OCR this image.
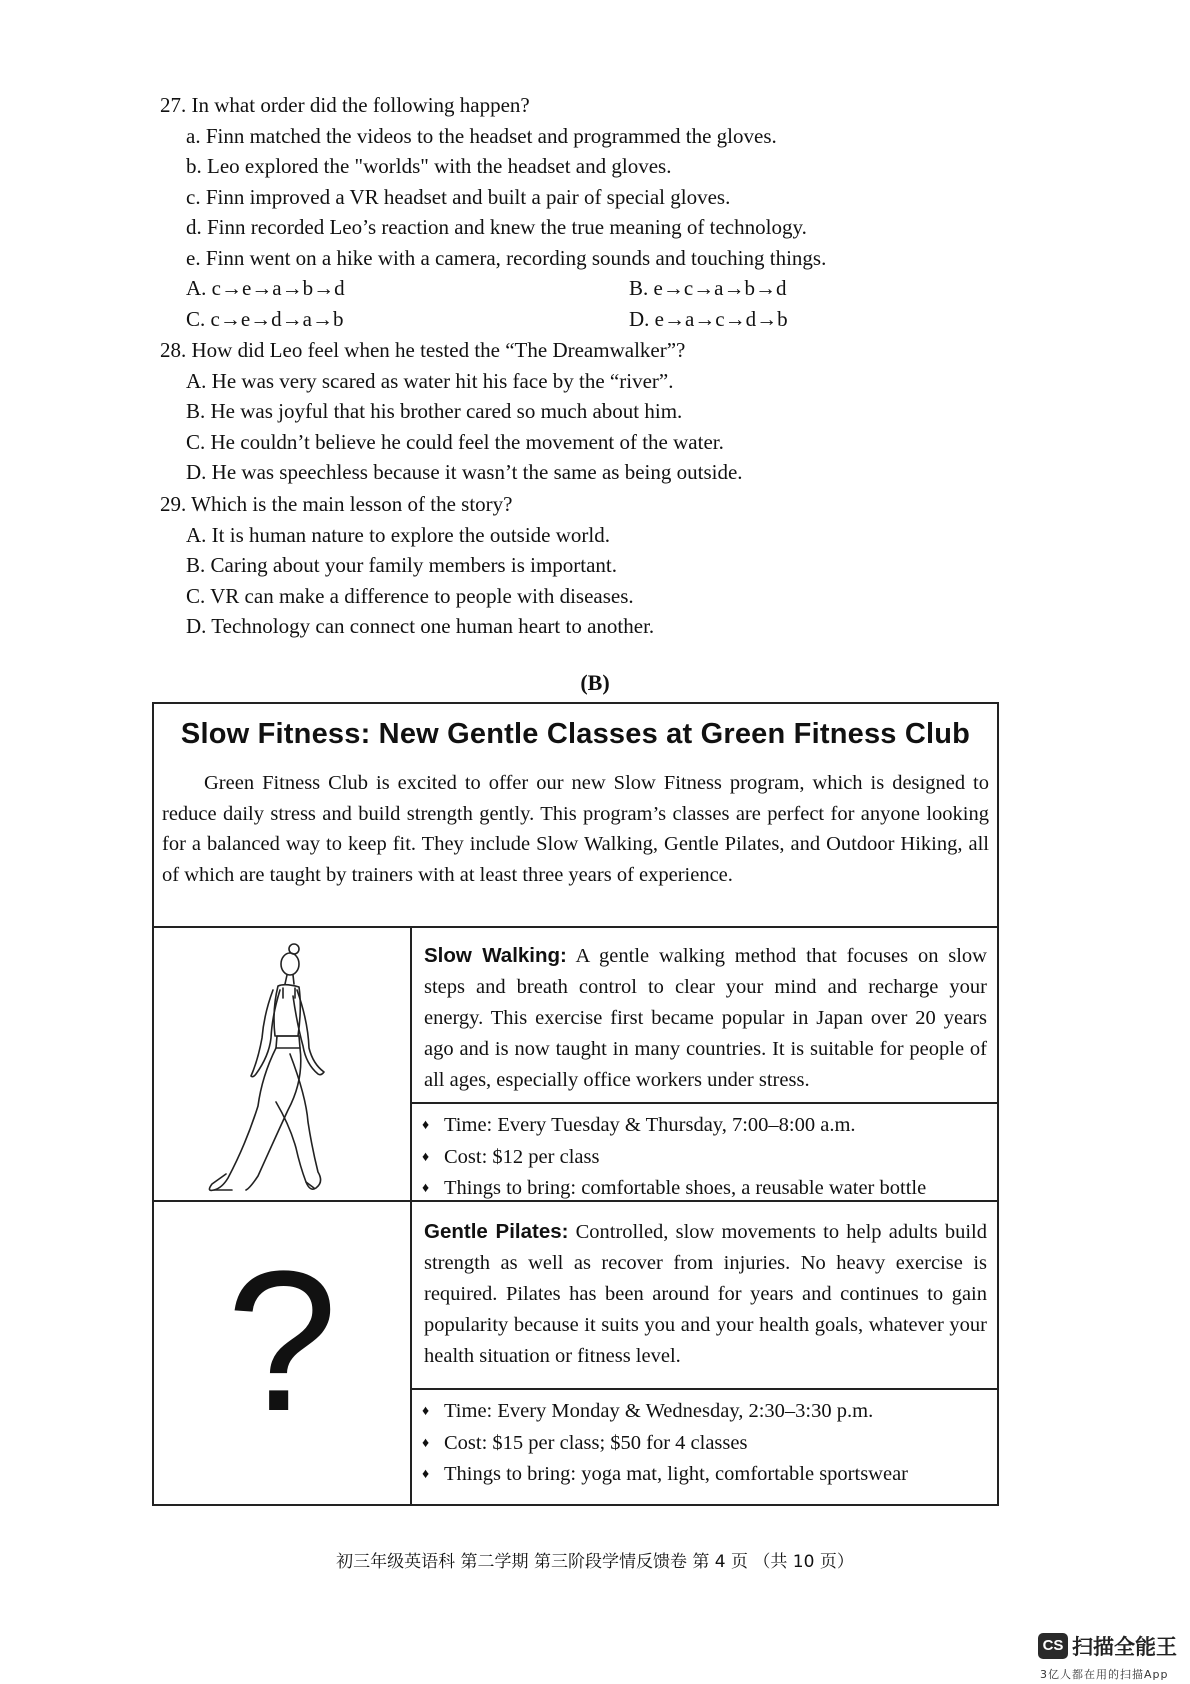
27. In what order did the following happen?
a. Finn matched the videos to the headset and programmed the gloves.
b. Leo explored the "worlds" with the headset and gloves.
c. Finn improved a VR headset and built a pair of special gloves.
d. Finn recorded Leo’s reaction and knew the true meaning of technology.
e. Finn went on a hike with a camera, recording sounds and touching things.
A. c→e→a→b→d	B. e→c→a→b→d
C. c→e→d→a→b	D. e→a→c→d→b
28. How did Leo feel when he tested the “The Dreamwalker”?
A. He was very scared as water hit his face by the “river”.
B. He was joyful that his brother cared so much about him.
C. He couldn’t believe he could feel the movement of the water.
D. He was speechless because it wasn’t the same as being outside.
29. Which is the main lesson of the story?
A. It is human nature to explore the outside world.
B. Caring about your family members is important.
C. VR can make a difference to people with diseases.
D. Technology can connect one human heart to another.
(B)
Slow Fitness: New Gentle Classes at Green Fitness Club
Green Fitness Club is excited to offer our new Slow Fitness program, which is designed to reduce daily stress and build strength gently. This program’s classes are perfect for anyone looking for a balanced way to keep fit. They include Slow Walking, Gentle Pilates, and Outdoor Hiking, all of which are taught by trainers with at least three years of experience.
Slow Walking: A gentle walking method that focuses on slow steps and breath control to clear your mind and recharge your energy. This exercise first became popular in Japan over 20 years ago and is now taught in many countries. It is suitable for people of all ages, especially office workers under stress.
♦ Time: Every Tuesday & Thursday, 7:00–8:00 a.m.
♦ Cost: $12 per class
♦ Things to bring: comfortable shoes, a reusable water bottle
?	Gentle Pilates: Controlled, slow movements to help adults build strength as well as recover from injuries. No heavy exercise is required. Pilates has been around for years and continues to gain popularity because it suits you and your health goals, whatever your health situation or fitness level.
♦ Time: Every Monday & Wednesday, 2:30–3:30 p.m.
♦ Cost: $15 per class; $50 for 4 classes
♦ Things to bring: yoga mat, light, comfortable sportswear
初三年级英语科 第二学期 第三阶段学情反馈卷 第 4 页 （共 10 页）
CS 扫描全能王
3亿人都在用的扫描App
